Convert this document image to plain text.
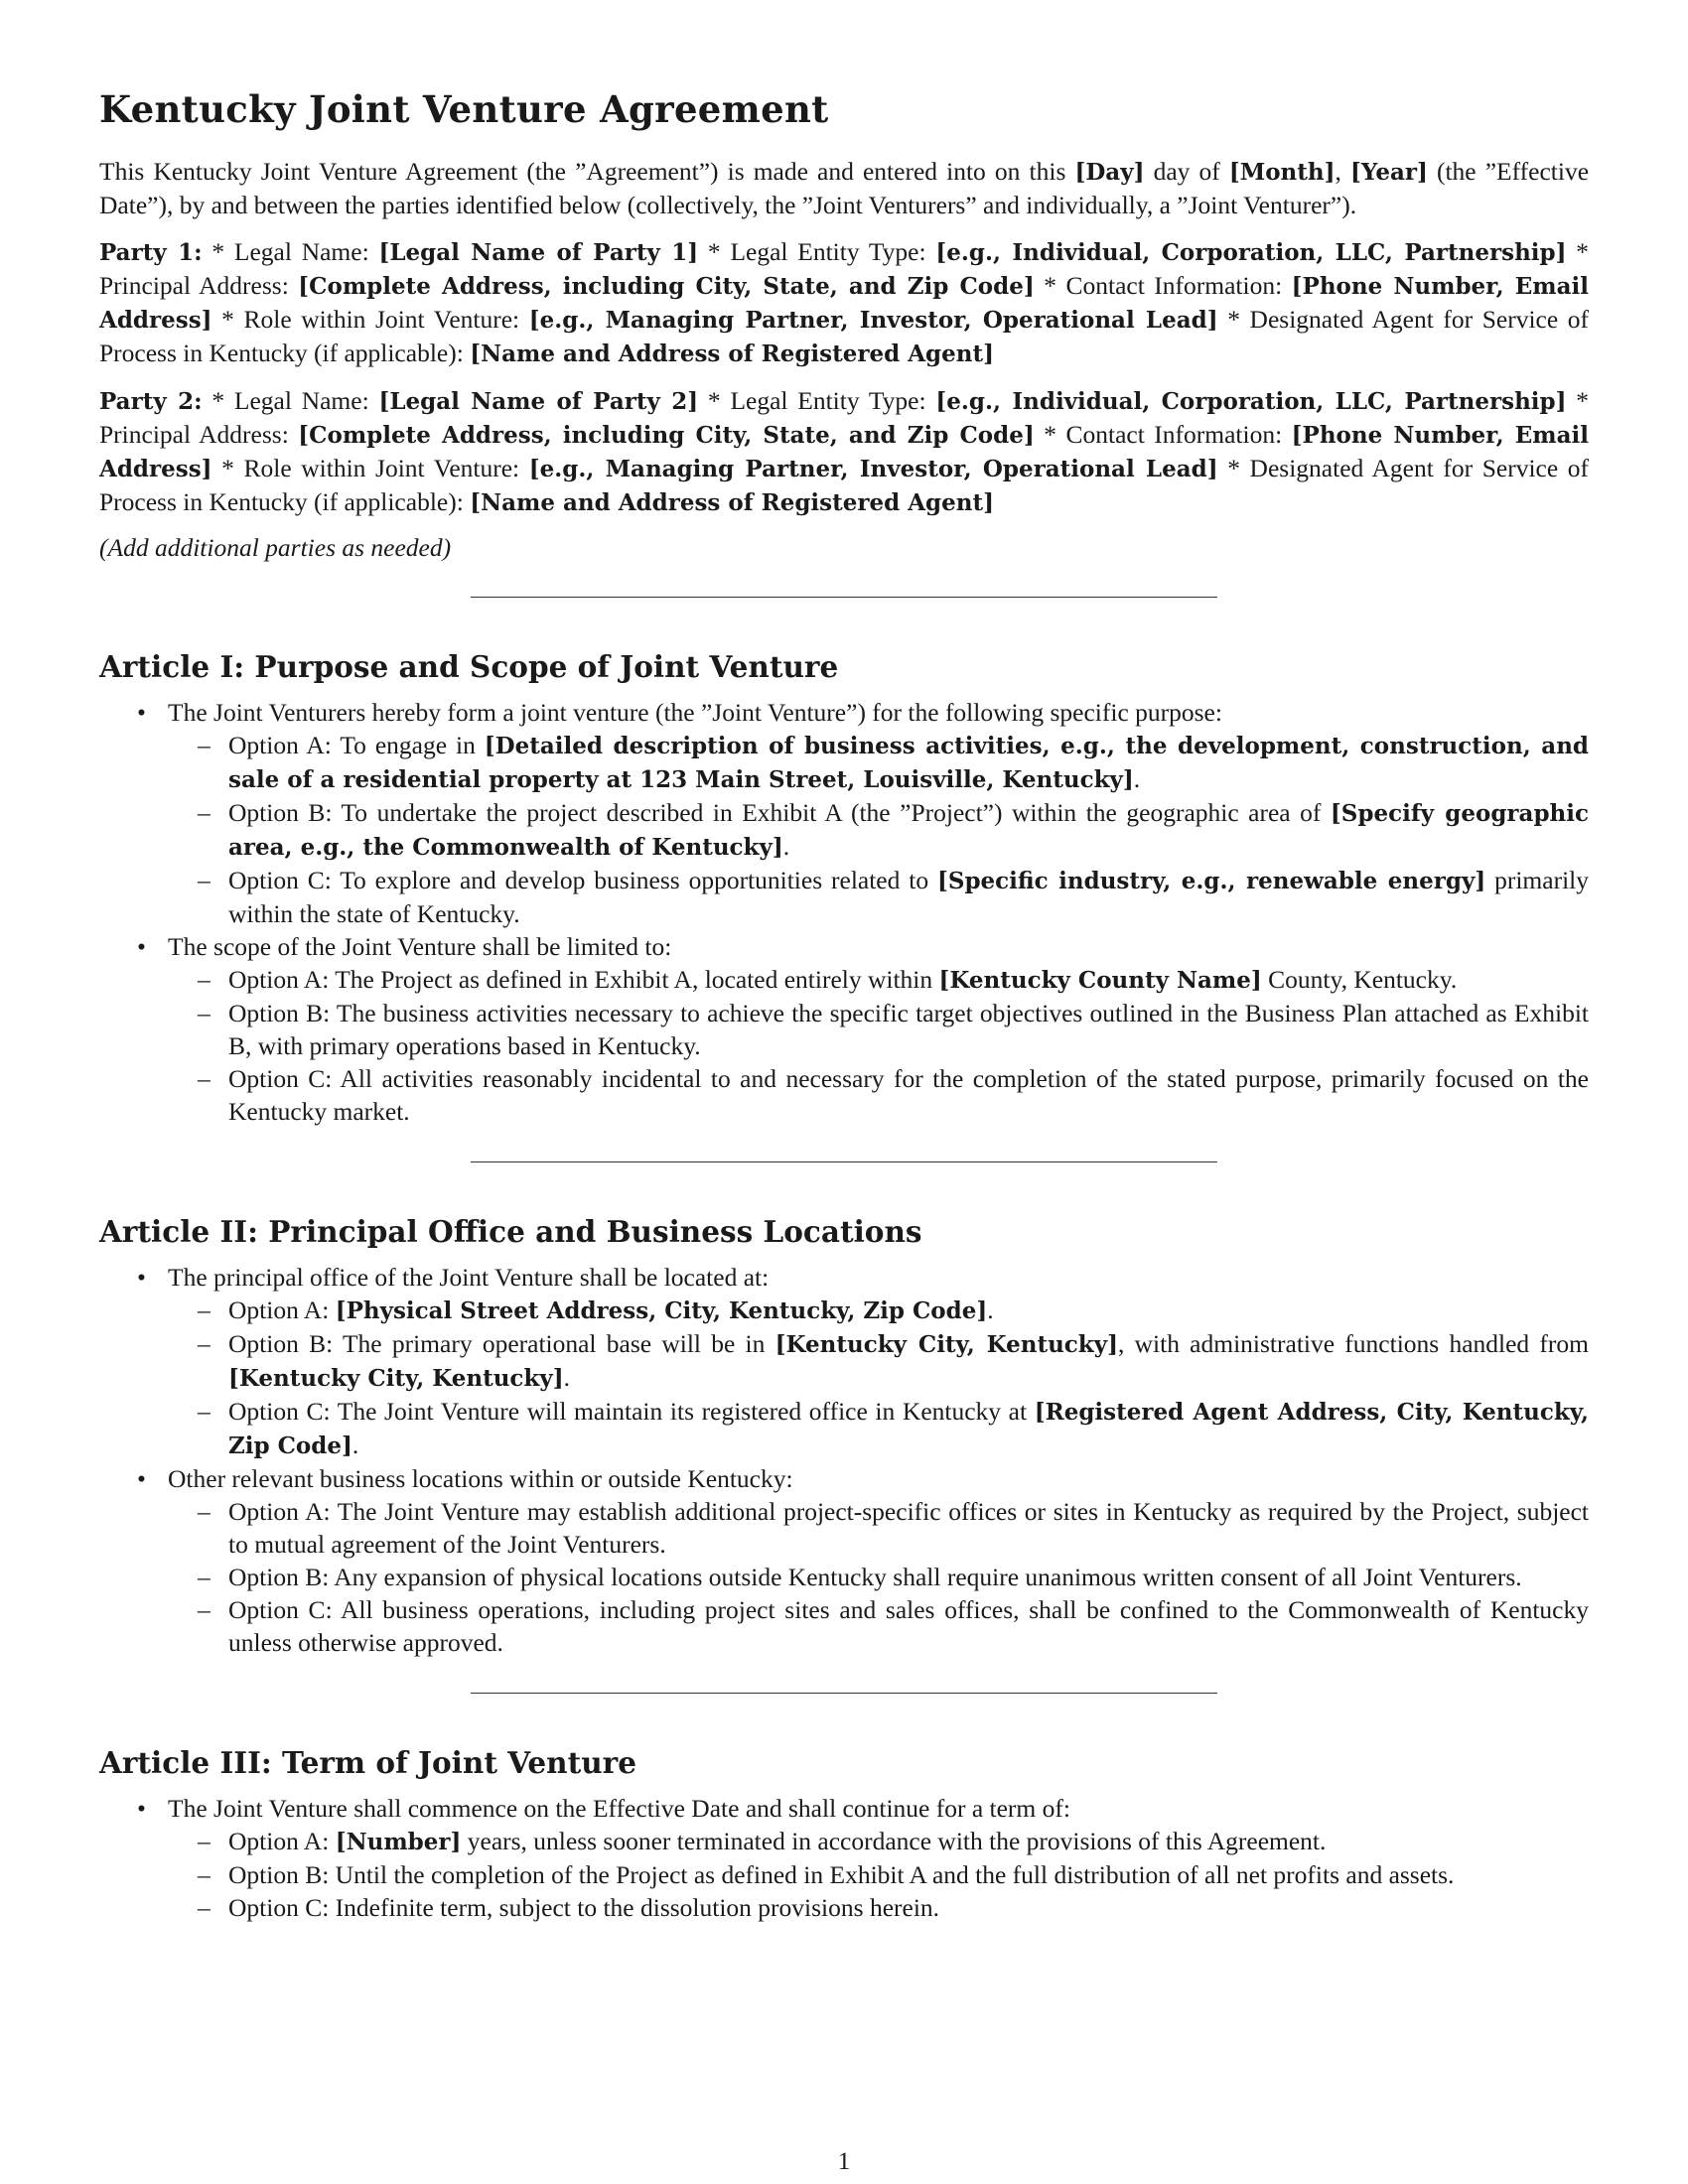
Kentucky Joint Venture Agreement

This Kentucky Joint Venture Agreement (the ”Agreement”) is made and entered into on this [Day] day of [Month], [Year] (the ”Effective Date”), by and between the parties identified below (collectively, the ”Joint Venturers” and individually, a ”Joint Venturer”).

Party 1: * Legal Name: [Legal Name of Party 1] * Legal Entity Type: [e.g., Individual, Corporation, LLC, Partnership] * Principal Address: [Complete Address, including City, State, and Zip Code] * Contact Information: [Phone Number, Email Address] * Role within Joint Venture: [e.g., Managing Partner, Investor, Operational Lead] * Designated Agent for Service of Process in Kentucky (if applicable): [Name and Address of Registered Agent]

Party 2: * Legal Name: [Legal Name of Party 2] * Legal Entity Type: [e.g., Individual, Corporation, LLC, Partnership] * Principal Address: [Complete Address, including City, State, and Zip Code] * Contact Information: [Phone Number, Email Address] * Role within Joint Venture: [e.g., Managing Partner, Investor, Operational Lead] * Designated Agent for Service of Process in Kentucky (if applicable): [Name and Address of Registered Agent]

(Add additional parties as needed)

Article I: Purpose and Scope of Joint Venture
• The Joint Venturers hereby form a joint venture (the ”Joint Venture”) for the following specific purpose:
– Option A: To engage in [Detailed description of business activities, e.g., the development, construction, and sale of a residential property at 123 Main Street, Louisville, Kentucky].
– Option B: To undertake the project described in Exhibit A (the ”Project”) within the geographic area of [Specify geographic area, e.g., the Commonwealth of Kentucky].
– Option C: To explore and develop business opportunities related to [Specific industry, e.g., renewable energy] primarily within the state of Kentucky.
• The scope of the Joint Venture shall be limited to:
– Option A: The Project as defined in Exhibit A, located entirely within [Kentucky County Name] County, Kentucky.
– Option B: The business activities necessary to achieve the specific target objectives outlined in the Business Plan attached as Exhibit B, with primary operations based in Kentucky.
– Option C: All activities reasonably incidental to and necessary for the completion of the stated purpose, primarily focused on the Kentucky market.
Article II: Principal Office and Business Locations
• The principal office of the Joint Venture shall be located at:
– Option A: [Physical Street Address, City, Kentucky, Zip Code].
– Option B: The primary operational base will be in [Kentucky City, Kentucky], with administrative functions handled from [Kentucky City, Kentucky].
– Option C: The Joint Venture will maintain its registered office in Kentucky at [Registered Agent Address, City, Kentucky, Zip Code].
• Other relevant business locations within or outside Kentucky:
– Option A: The Joint Venture may establish additional project-specific offices or sites in Kentucky as required by the Project, subject to mutual agreement of the Joint Venturers.
– Option B: Any expansion of physical locations outside Kentucky shall require unanimous written consent of all Joint Venturers.
– Option C: All business operations, including project sites and sales offices, shall be confined to the Commonwealth of Kentucky unless otherwise approved.
Article III: Term of Joint Venture
• The Joint Venture shall commence on the Effective Date and shall continue for a term of:
– Option A: [Number] years, unless sooner terminated in accordance with the provisions of this Agreement.
– Option B: Until the completion of the Project as defined in Exhibit A and the full distribution of all net profits and assets.
– Option C: Indefinite term, subject to the dissolution provisions herein.
1
